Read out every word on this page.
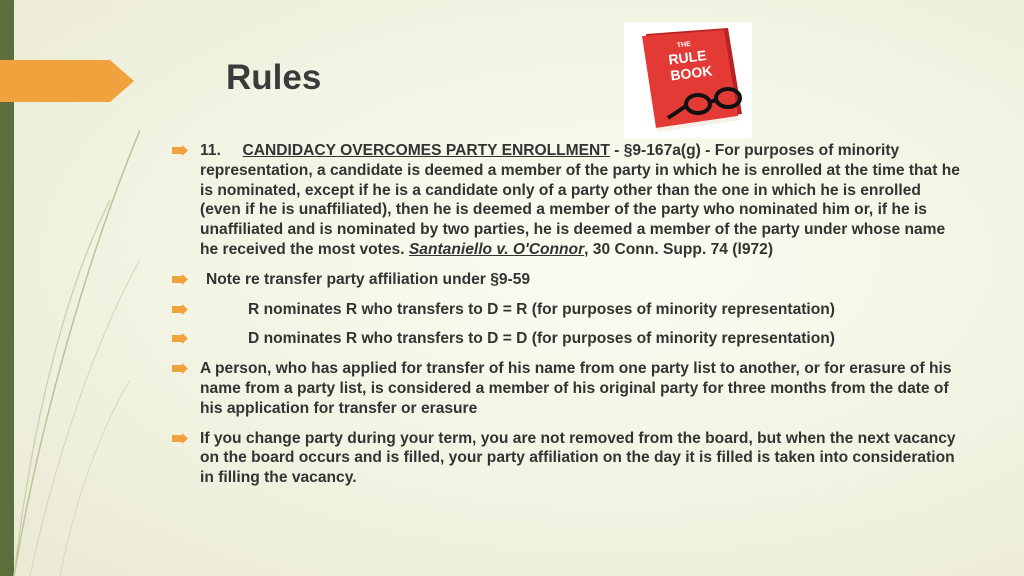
Rules
THE
RULE
BOOK
11. CANDIDACY OVERCOMES PARTY ENROLLMENT - §9-167a(g) - For purposes of minority representation, a candidate is deemed a member of the party in which he is enrolled at the time that he is nominated, except if he is a candidate only of a party other than the one in which he is enrolled (even if he is unaffiliated), then he is deemed a member of the party who nominated him or, if he is unaffiliated and is nominated by two parties, he is deemed a member of the party under whose name he received the most votes. Santaniello v. O'Connor, 30 Conn. Supp. 74 (l972)
Note re transfer party affiliation under §9-59
R nominates R who transfers to D = R (for purposes of minority representation)
D nominates R who transfers to D = D (for purposes of minority representation)
A person, who has applied for transfer of his name from one party list to another, or for erasure of his name from a party list, is considered a member of his original party for three months from the date of his application for transfer or erasure
If you change party during your term, you are not removed from the board, but when the next vacancy on the board occurs and is filled, your party affiliation on the day it is filled is taken into consideration in filling the vacancy.
